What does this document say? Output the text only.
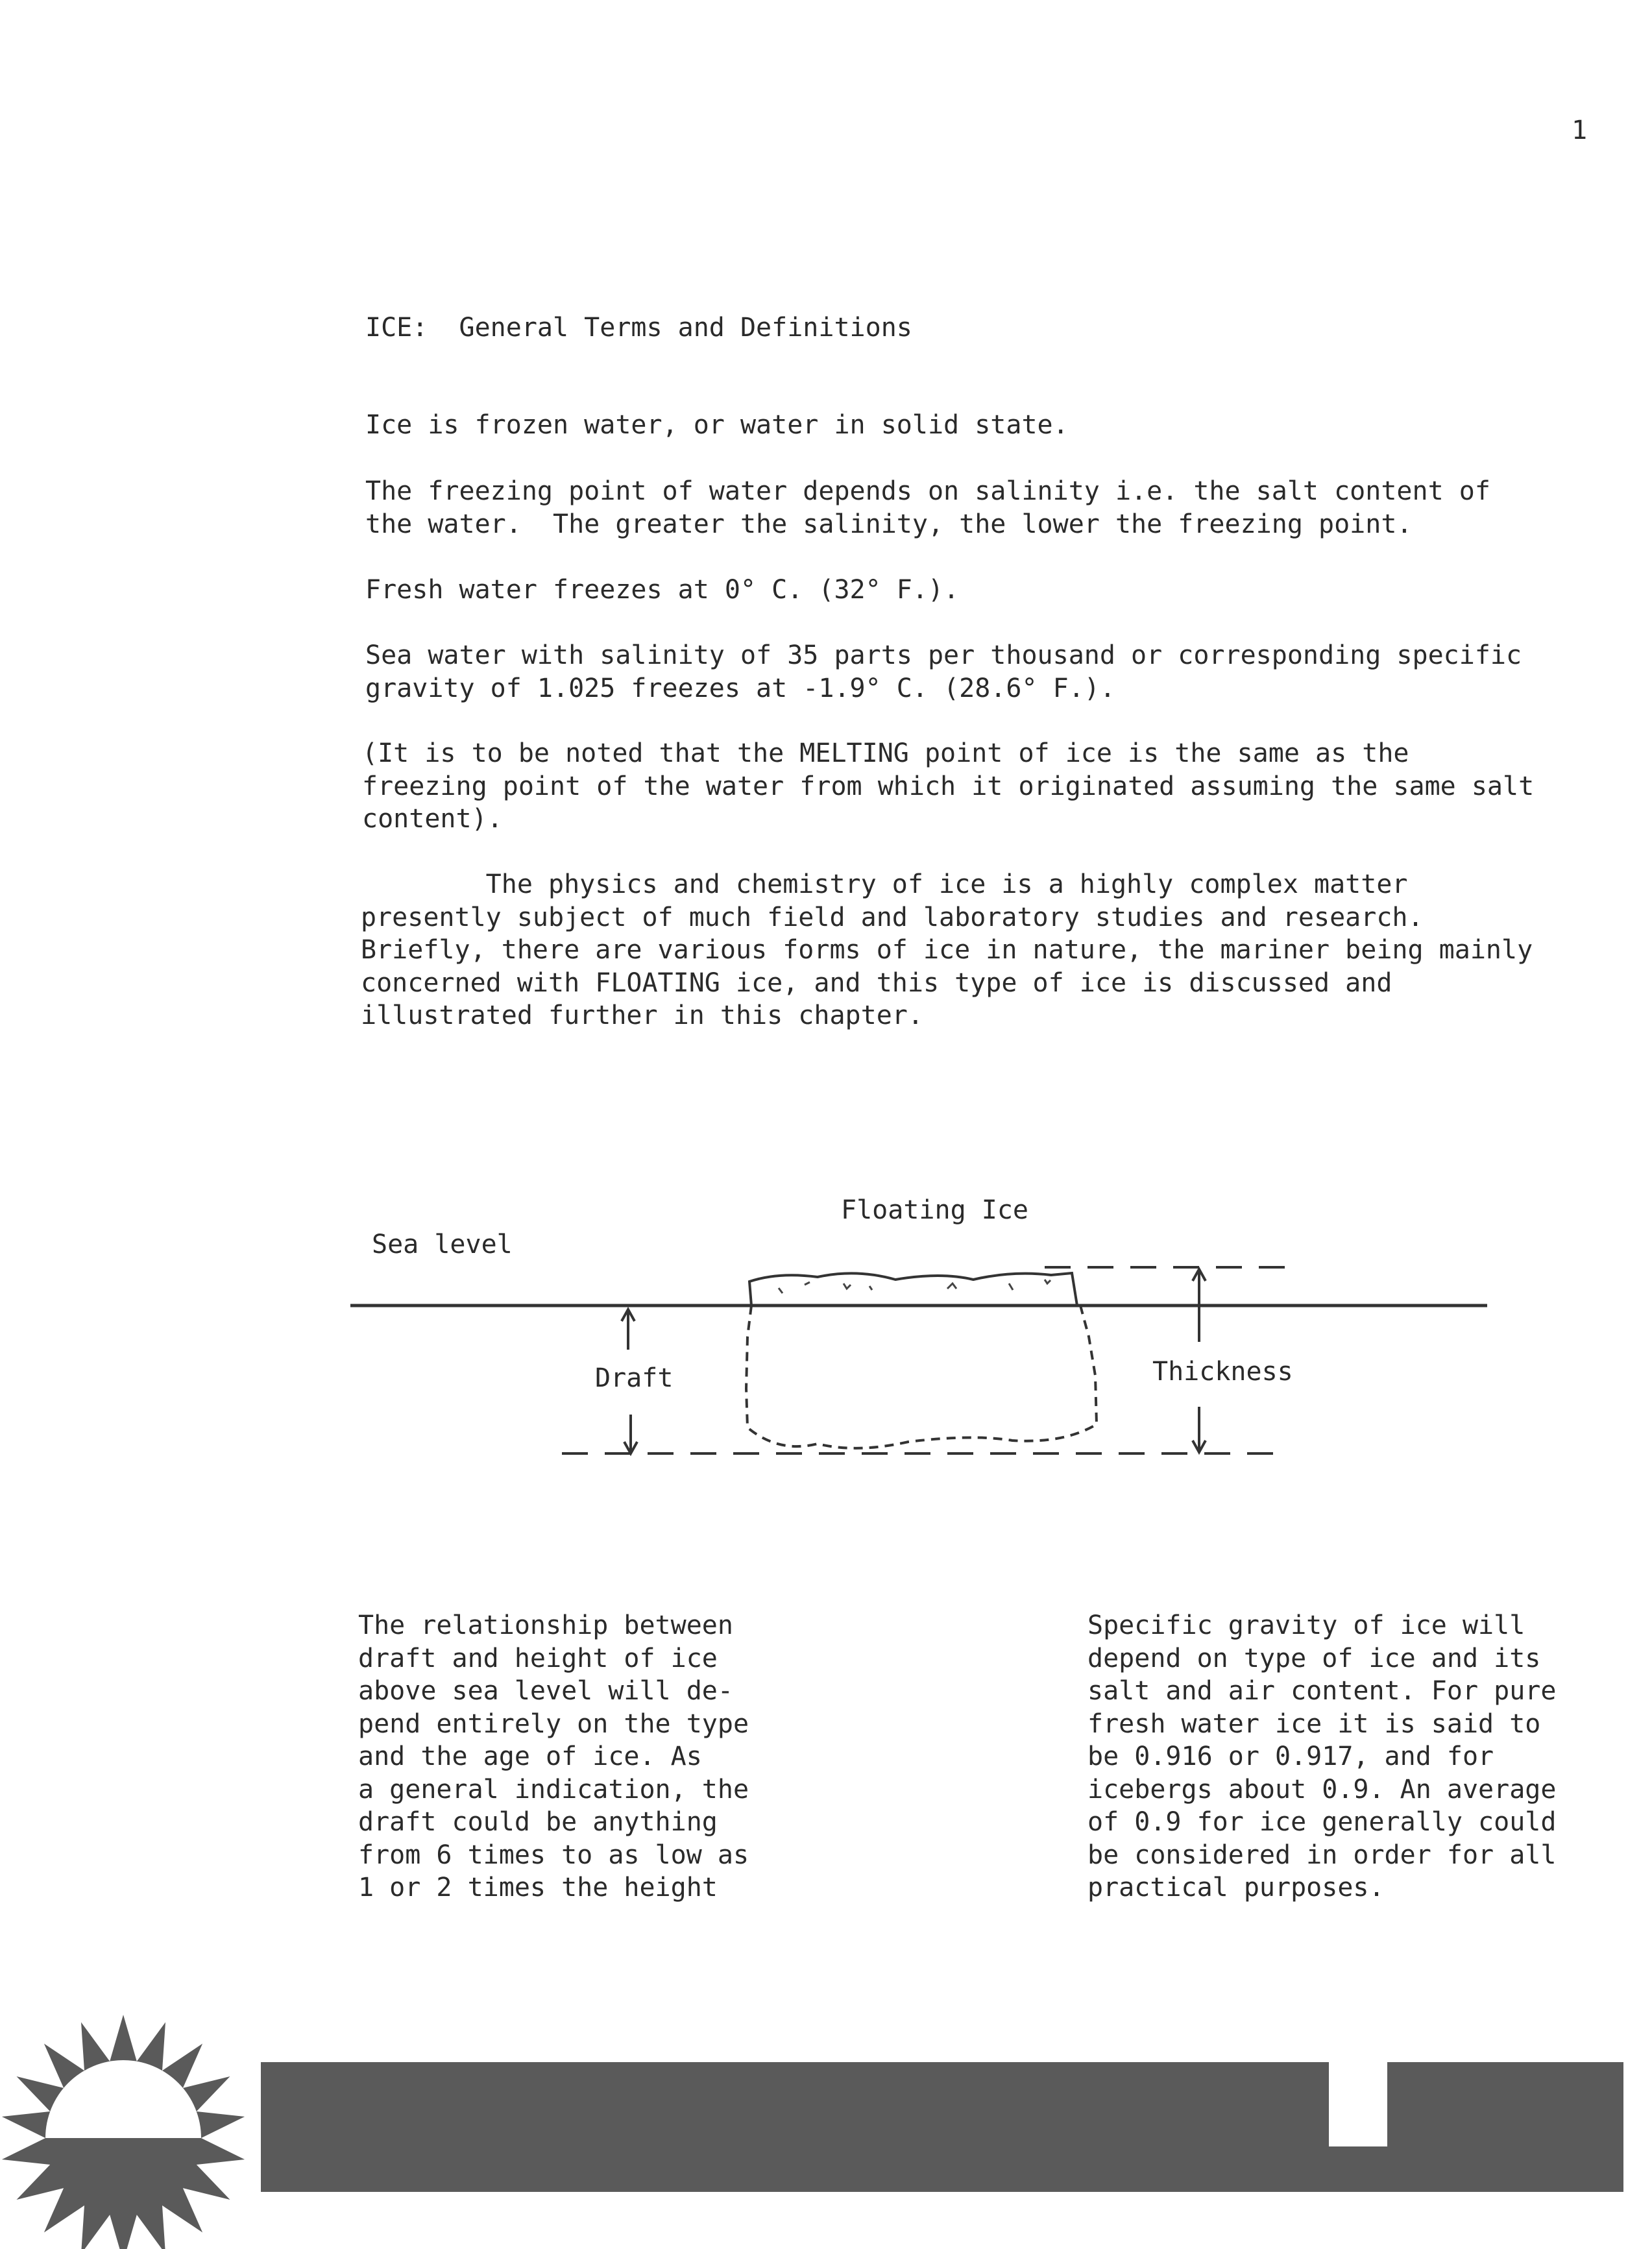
1
ICE:  General Terms and Definitions
Ice is frozen water, or water in solid state.
The freezing point of water depends on salinity i.e. the salt content of
the water.  The greater the salinity, the lower the freezing point.
Fresh water freezes at 0° C. (32° F.).
Sea water with salinity of 35 parts per thousand or corresponding specific
gravity of 1.025 freezes at -1.9° C. (28.6° F.).
(It is to be noted that the MELTING point of ice is the same as the
freezing point of the water from which it originated assuming the same salt
content).
The physics and chemistry of ice is a highly complex matter
presently subject of much field and laboratory studies and research.
Briefly, there are various forms of ice in nature, the mariner being mainly
concerned with FLOATING ice, and this type of ice is discussed and
illustrated further in this chapter.
Floating Ice
Sea level
Draft	Thickness
The relationship between
draft and height of ice
above sea level will de-
pend entirely on the type
and the age of ice. As
a general indication, the
draft could be anything
from 6 times to as low as
1 or 2 times the height
Specific gravity of ice will
depend on type of ice and its
salt and air content. For pure
fresh water ice it is said to
be 0.916 or 0.917, and for
icebergs about 0.9. An average
of 0.9 for ice generally could
be considered in order for all
practical purposes.
